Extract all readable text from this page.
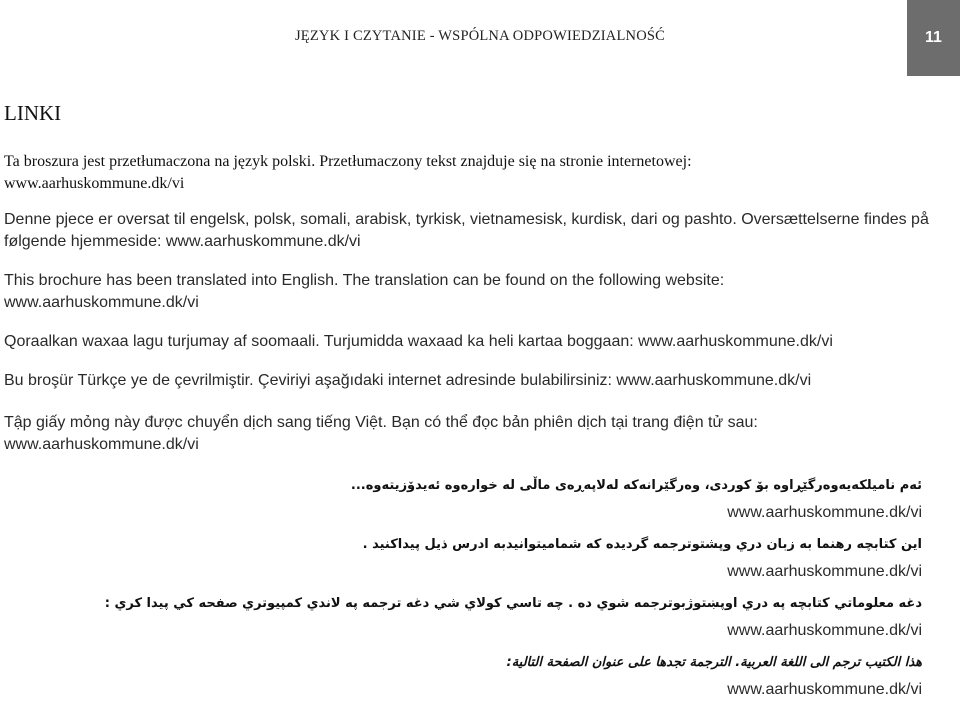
JĘZYK I CZYTANIE - WSPÓLNA ODPOWIEDZIALNOŚĆ	11
LINKI
Ta broszura jest przetłumaczona na język polski. Przetłumaczony tekst znajduje się na stronie internetowej:
www.aarhuskommune.dk/vi
Denne pjece er oversat til engelsk, polsk, somali, arabisk, tyrkisk, vietnamesisk, kurdisk, dari og pashto. Oversættelserne findes på følgende hjemmeside: www.aarhuskommune.dk/vi
This brochure has been translated into English. The translation can be found on the following website:
www.aarhuskommune.dk/vi
Qoraalkan waxaa lagu turjumay af soomaali. Turjumidda waxaad ka heli kartaa boggaan: www.aarhuskommune.dk/vi
Bu broşür Türkçe ye de çevrilmiştir. Çeviriyi aşağıdaki internet adresinde bulabilirsiniz: www.aarhuskommune.dk/vi
Tập giấy mỏng này được chuyển dịch sang tiếng Việt. Bạn có thể đọc bản phiên dịch tại trang điện tử sau:
www.aarhuskommune.dk/vi
ئەم نامیلكەیەوەرگێڕاوە بۆ كوردی، وەرگێرانەكە لەلاپەڕەی ماڵی لە خوارەوە ئەیدۆزیتەوە...
www.aarhuskommune.dk/vi
این کتابچه رهنما به زبان دري وپشتوترجمه گردیده كه شمامیتوانیدبه ادرس ذيل پيداكنيد .
www.aarhuskommune.dk/vi
دغه معلوماتي كتابچه په دري اوپښتوژبوترجمه شوي ده . چه تاسي كولاي شي دغه ترجمه په لاندي كمپيوتري صفحه كي پيدا كري :
www.aarhuskommune.dk/vi
هذا الكتيب ترجم الى اللغة العربية. الترجمة تجدها على عنوان الصفحة التالية:
www.aarhuskommune.dk/vi
